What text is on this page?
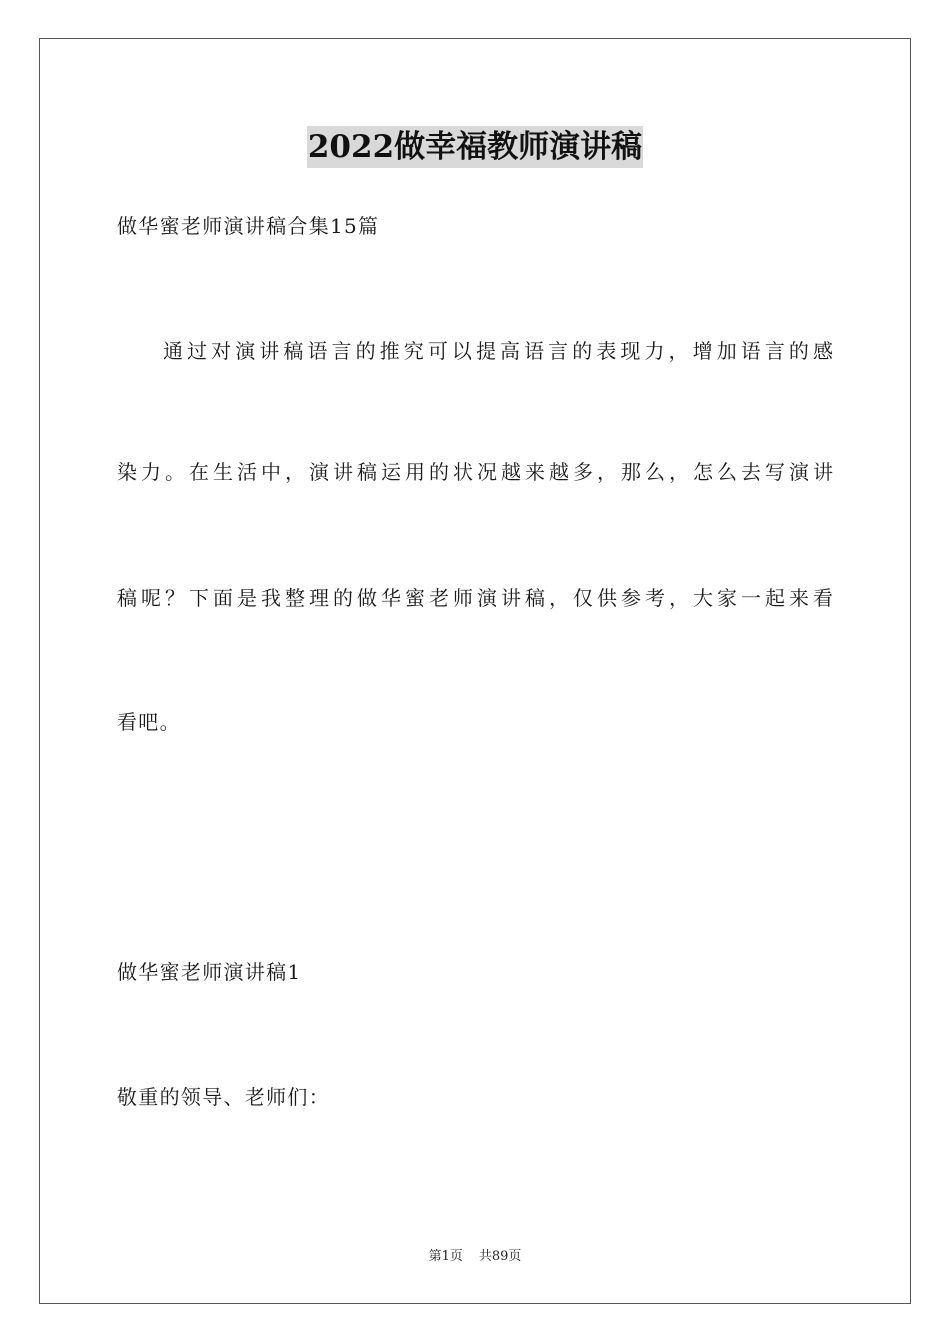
2022做幸福教师演讲稿
做华蜜老师演讲稿合集15篇
通过对演讲稿语言的推究可以提高语言的表现力，增加语言的感
染力。在生活中，演讲稿运用的状况越来越多，那么，怎么去写演讲
稿呢？下面是我整理的做华蜜老师演讲稿，仅供参考，大家一起来看
看吧。
做华蜜老师演讲稿1
敬重的领导、老师们：
第1页 共89页
